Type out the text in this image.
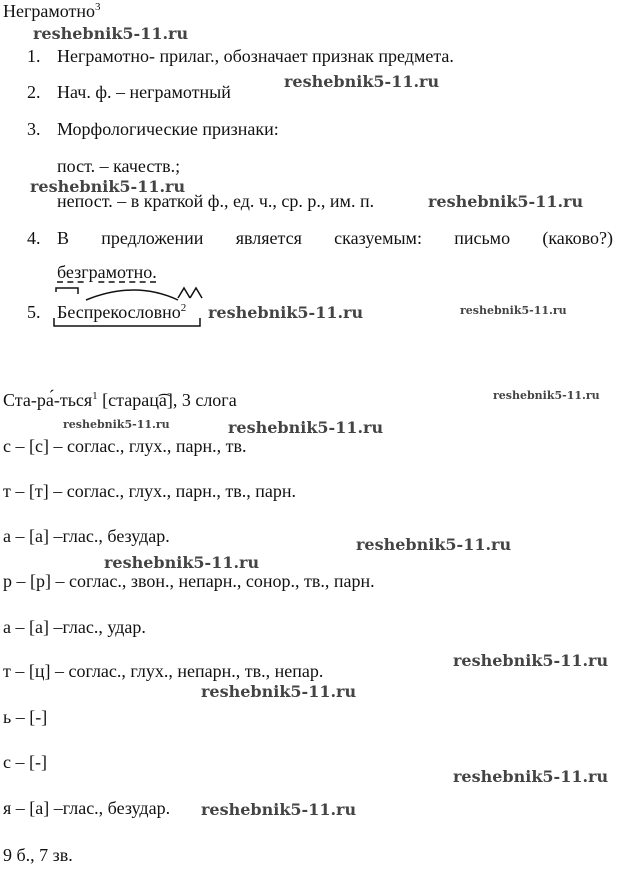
Неграмотно$^3$
reshebnik5-11.ru
reshebnik5-11.ru
reshebnik5-11.ru
reshebnik5-11.ru
reshebnik5-11.ru	reshebnik5-11.ru
reshebnik5-11.ru
reshebnik5-11.ru	reshebnik5-11.ru
reshebnik5-11.ru
reshebnik5-11.ru
reshebnik5-11.ru
reshebnik5-11.ru
reshebnik5-11.ru
reshebnik5-11.ru
1. Неграмотно- прилаг., обозначает признак предмета.
2. Нач. ф. – неграмотный
3. Морфологические признаки:
пост. – качеств.;
непост. – в краткой ф., ед. ч., ср. р., им. п.
4. В предложении является сказуемым: письмо (каково?)
безграмотно.
5. Беспрекословно$^2$
Ста-ра́-ться$^1$ [старац͡а], 3 слога
с – [с] – соглас., глух., парн., тв.
т – [т] – соглас., глух., парн., тв., парн.
а – [а] –глас., безудар.
р – [р] – соглас., звон., непарн., сонор., тв., парн.
а – [а] –глас., удар.
т – [ц] – соглас., глух., непарн., тв., непар.
ь – [-]
с – [-]
я – [а] –глас., безудар.
9 б., 7 зв.
